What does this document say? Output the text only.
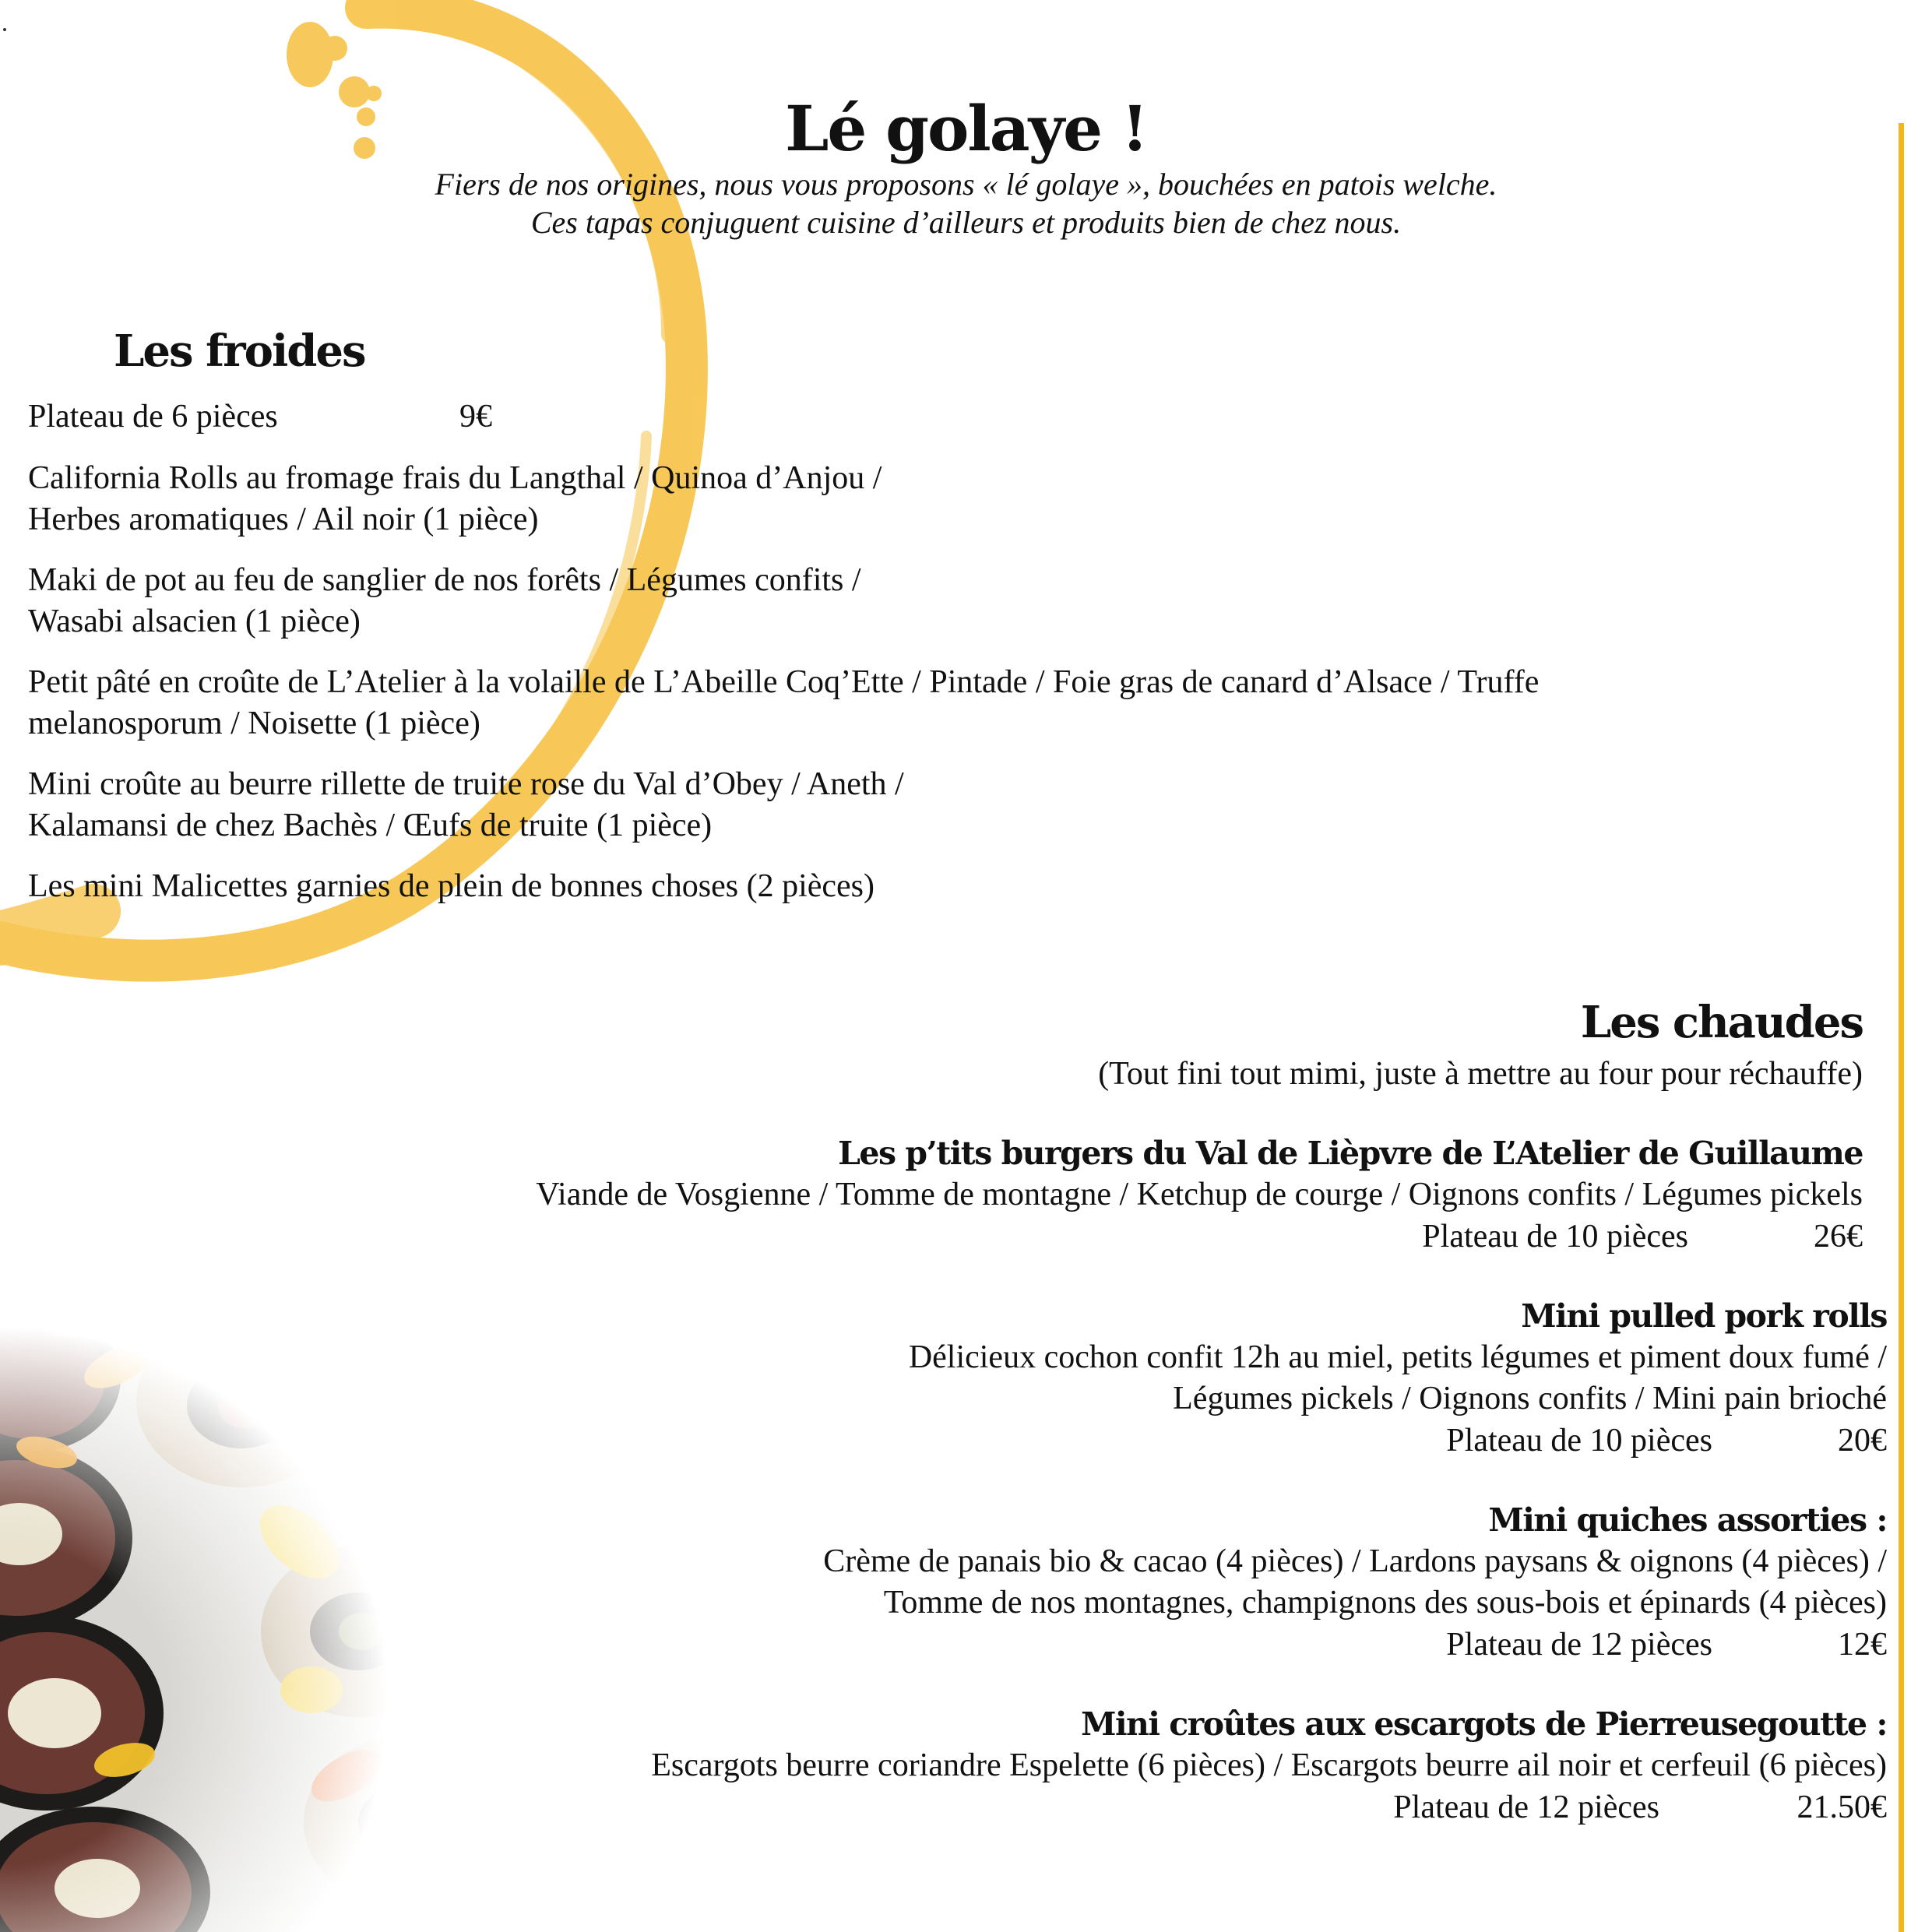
Lé golaye !
Fiers de nos origines, nous vous proposons « lé golaye », bouchées en patois welche.
Ces tapas conjuguent cuisine d’ailleurs et produits bien de chez nous.
Les froides
Plateau de 6 pièces	9€
California Rolls au fromage frais du Langthal / Quinoa d’Anjou /
Herbes aromatiques / Ail noir (1 pièce)
Maki de pot au feu de sanglier de nos forêts / Légumes confits /
Wasabi alsacien (1 pièce)
Petit pâté en croûte de L’Atelier à la volaille de L’Abeille Coq’Ette / Pintade / Foie gras de canard d’Alsace / Truffe
melanosporum / Noisette (1 pièce)
Mini croûte au beurre rillette de truite rose du Val d’Obey / Aneth /
Kalamansi de chez Bachès / Œufs de truite (1 pièce)
Les mini Malicettes garnies de plein de bonnes choses (2 pièces)
Les chaudes
(Tout fini tout mimi, juste à mettre au four pour réchauffe)
Les p’tits burgers du Val de Lièpvre de L’Atelier de Guillaume
Viande de Vosgienne / Tomme de montagne / Ketchup de courge / Oignons confits / Légumes pickels
Plateau de 10 pièces	26€
Mini pulled pork rolls
Délicieux cochon confit 12h au miel, petits légumes et piment doux fumé /
Légumes pickels / Oignons confits / Mini pain brioché
Plateau de 10 pièces	20€
Mini quiches assorties :
Crème de panais bio & cacao (4 pièces) / Lardons paysans & oignons (4 pièces) /
Tomme de nos montagnes, champignons des sous-bois et épinards (4 pièces)
Plateau de 12 pièces	12€
Mini croûtes aux escargots de Pierreusegoutte :
Escargots beurre coriandre Espelette (6 pièces) / Escargots beurre ail noir et cerfeuil (6 pièces)
Plateau de 12 pièces	21.50€
